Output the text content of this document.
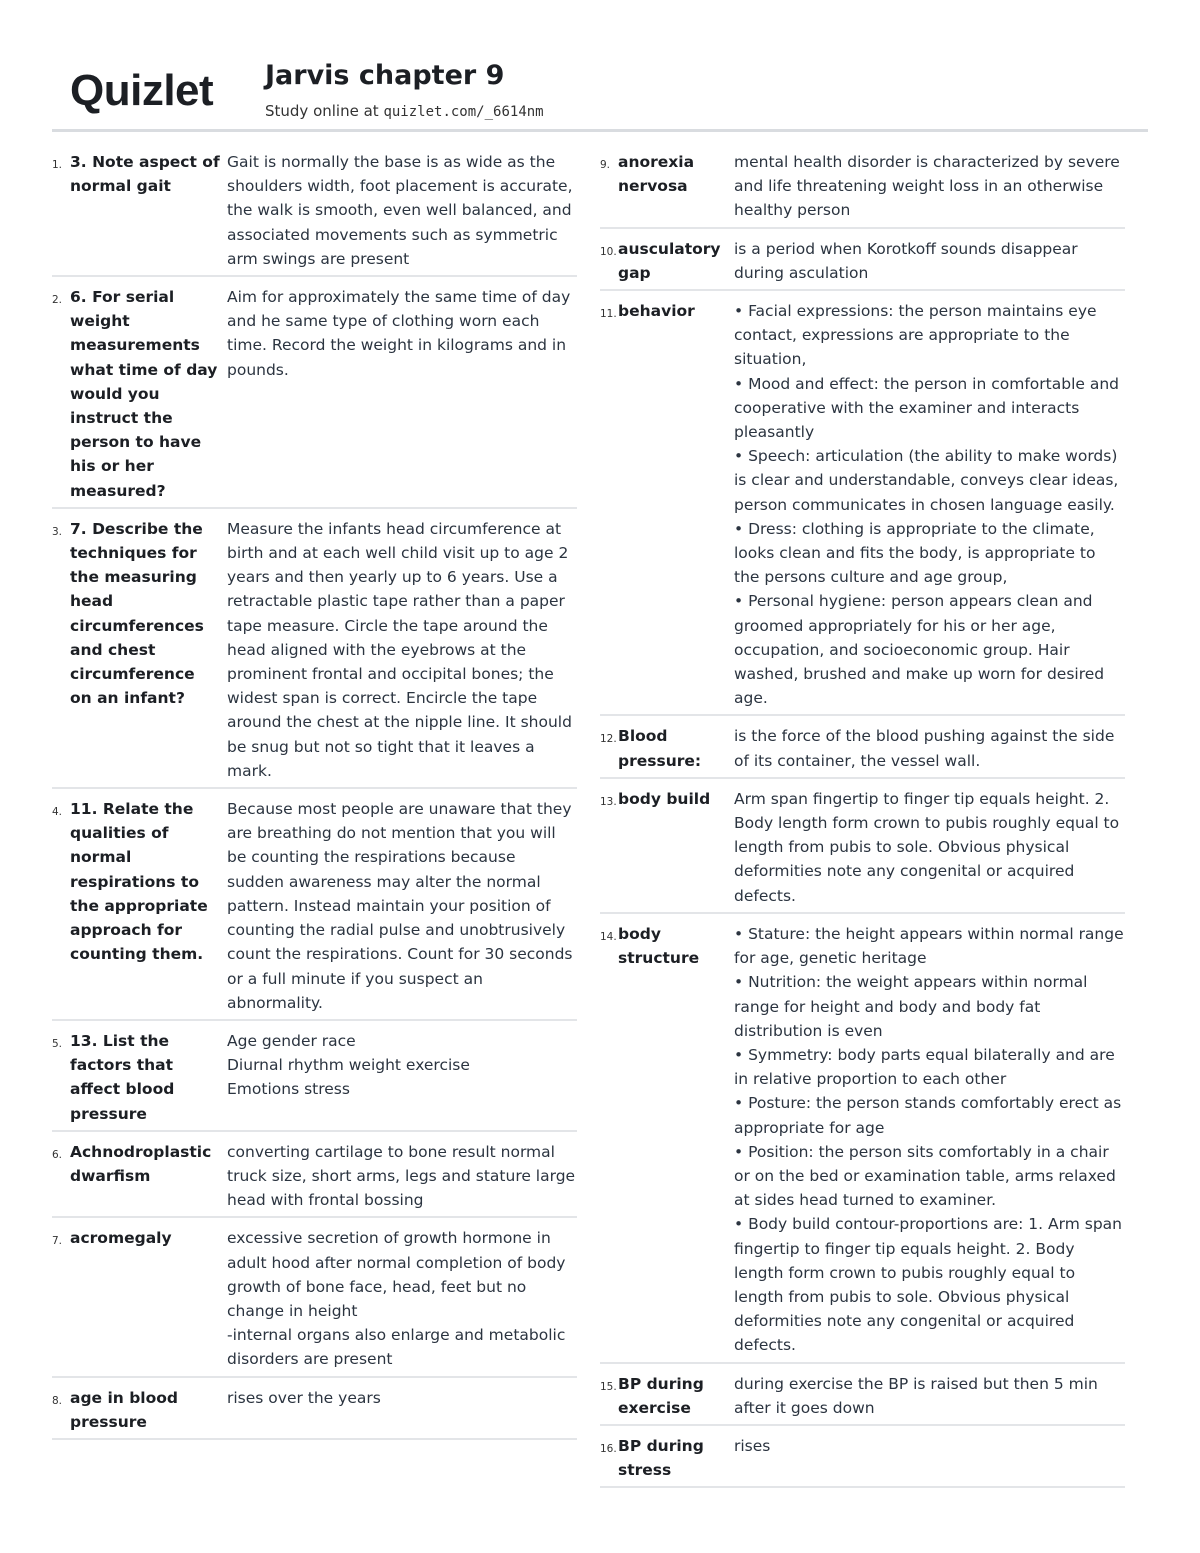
Quizlet Jarvis chapter 9
Study online at quizlet.com/_6614nm
1. 3. Note aspect of normal gait
Gait is normally the base is as wide as the shoulders width, foot placement is accurate, the walk is smooth, even well balanced, and associated movements such as symmetric arm swings are present
2. 6. For serial weight measurements what time of day would you instruct the person to have his or her measured?
Aim for approximately the same time of day and he same type of clothing worn each time. Record the weight in kilograms and in pounds.
3. 7. Describe the techniques for the measuring head circumferences and chest circumference on an infant?
Measure the infants head circumference at birth and at each well child visit up to age 2 years and then yearly up to 6 years. Use a retractable plastic tape rather than a paper tape measure. Circle the tape around the head aligned with the eyebrows at the prominent frontal and occipital bones; the widest span is correct. Encircle the tape around the chest at the nipple line. It should be snug but not so tight that it leaves a mark.
4. 11. Relate the qualities of normal respirations to the appropriate approach for counting them.
Because most people are unaware that they are breathing do not mention that you will be counting the respirations because sudden awareness may alter the normal pattern. Instead maintain your position of counting the radial pulse and unobtrusively count the respirations. Count for 30 seconds or a full minute if you suspect an abnormality.
5. 13. List the factors that affect blood pressure
Age gender race
Diurnal rhythm weight exercise
Emotions stress
6. Achnodroplastic dwarfism
converting cartilage to bone result normal truck size, short arms, legs and stature large head with frontal bossing
7. acromegaly	excessive secretion of growth hormone in adult hood after normal completion of body growth of bone face, head, feet but no change in height
-internal organs also enlarge and metabolic disorders are present
8. age in blood pressure
rises over the years
9. anorexia nervosa
mental health disorder is characterized by severe and life threatening weight loss in an otherwise healthy person
10. ausculatory gap
is a period when Korotkoff sounds disappear during asculation
11. behavior	• Facial expressions: the person maintains eye contact, expressions are appropriate to the situation,
• Mood and effect: the person in comfortable and cooperative with the examiner and interacts pleasantly
• Speech: articulation (the ability to make words) is clear and understandable, conveys clear ideas, person communicates in chosen language easily.
• Dress: clothing is appropriate to the climate, looks clean and fits the body, is appropriate to the persons culture and age group,
• Personal hygiene: person appears clean and groomed appropriately for his or her age, occupation, and socioeconomic group. Hair washed, brushed and make up worn for desired age.
12. Blood pressure:
is the force of the blood pushing against the side of its container, the vessel wall.
13. body build	Arm span fingertip to finger tip equals height. 2. Body length form crown to pubis roughly equal to length from pubis to sole. Obvious physical deformities note any congenital or acquired defects.
14. body structure
• Stature: the height appears within normal range for age, genetic heritage
• Nutrition: the weight appears within normal range for height and body and body fat distribution is even
• Symmetry: body parts equal bilaterally and are in relative proportion to each other
• Posture: the person stands comfortably erect as appropriate for age
• Position: the person sits comfortably in a chair or on the bed or examination table, arms relaxed at sides head turned to examiner.
• Body build contour-proportions are: 1. Arm span fingertip to finger tip equals height. 2. Body length form crown to pubis roughly equal to length from pubis to sole. Obvious physical deformities note any congenital or acquired defects.
15. BP during exercise
during exercise the BP is raised but then 5 min after it goes down
16. BP during stress
rises
